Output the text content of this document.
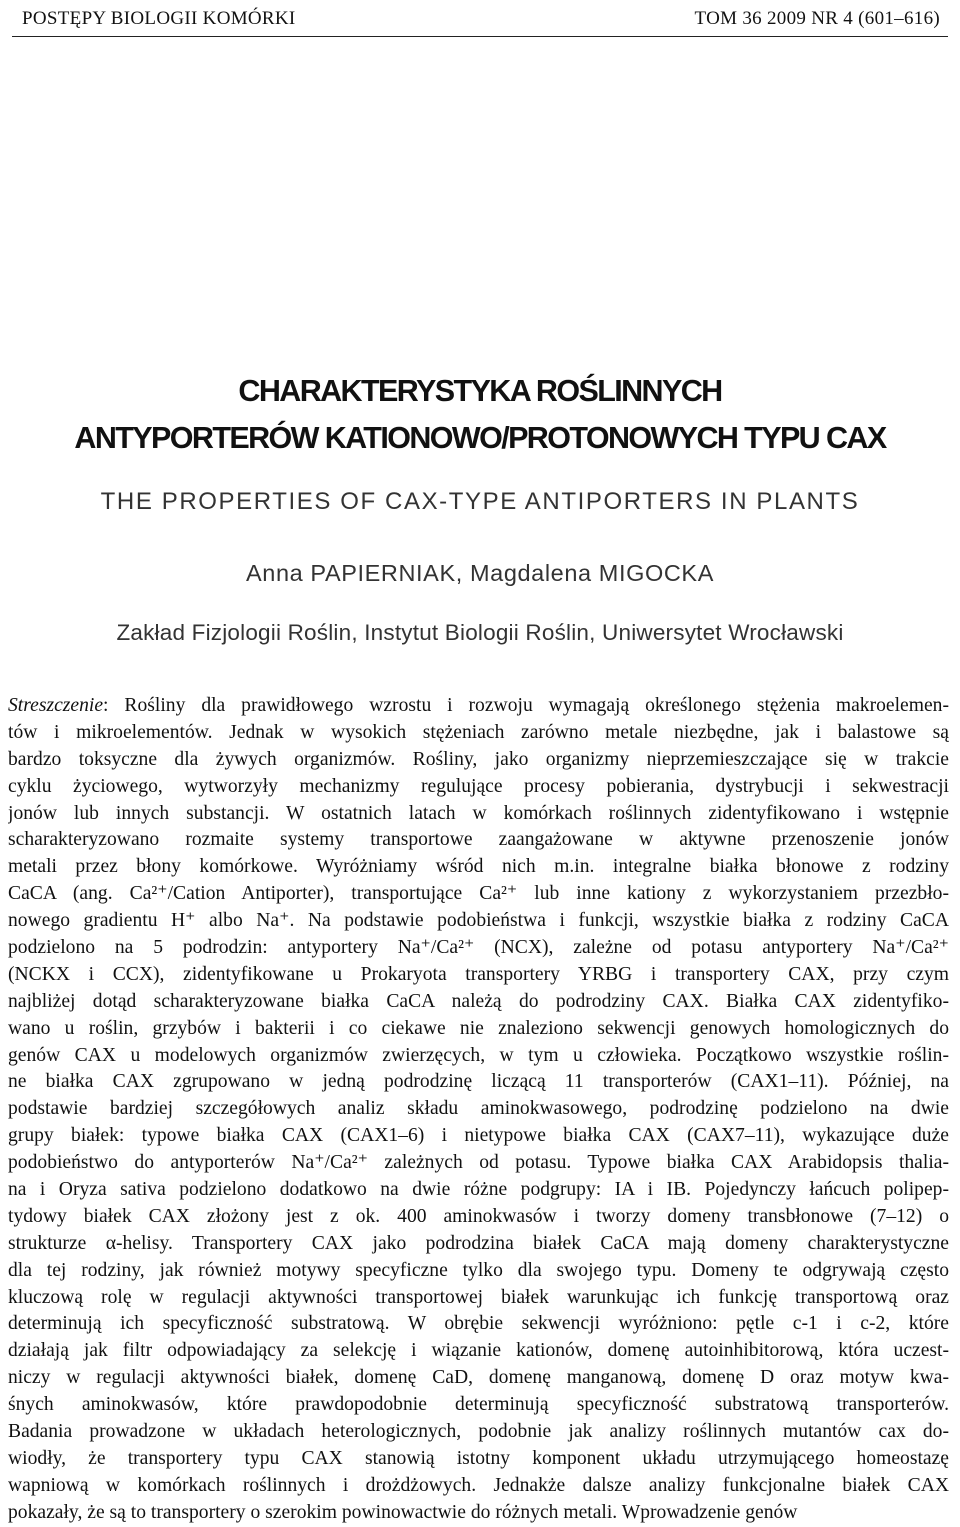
POSTĘPY BIOLOGII KOMÓRKI	TOM 36 2009 NR 4 (601–616)
CHARAKTERYSTYKA ROŚLINNYCH
ANTYPORTERÓW KATIONOWO/PROTONOWYCH TYPU CAX
THE PROPERTIES OF CAX-TYPE ANTIPORTERS IN PLANTS
Anna PAPIERNIAK, Magdalena MIGOCKA
Zakład Fizjologii Roślin, Instytut Biologii Roślin, Uniwersytet Wrocławski
Streszczenie: Rośliny dla prawidłowego wzrostu i rozwoju wymagają określonego stężenia makroelemen-
tów i mikroelementów. Jednak w wysokich stężeniach zarówno metale niezbędne, jak i balastowe są
bardzo toksyczne dla żywych organizmów. Rośliny, jako organizmy nieprzemieszczające się w trakcie
cyklu życiowego, wytworzyły mechanizmy regulujące procesy pobierania, dystrybucji i sekwestracji
jonów lub innych substancji. W ostatnich latach w komórkach roślinnych zidentyfikowano i wstępnie
scharakteryzowano rozmaite systemy transportowe zaangażowane w aktywne przenoszenie jonów
metali przez błony komórkowe. Wyróżniamy wśród nich m.in. integralne białka błonowe z rodziny
CaCA (ang. Ca²⁺/Cation Antiporter), transportujące Ca²⁺ lub inne kationy z wykorzystaniem przezbło-
nowego gradientu H⁺ albo Na⁺. Na podstawie podobieństwa i funkcji, wszystkie białka z rodziny CaCA
podzielono na 5 podrodzin: antyportery Na⁺/Ca²⁺ (NCX), zależne od potasu antyportery Na⁺/Ca²⁺
(NCKX i CCX), zidentyfikowane u Prokaryota transportery YRBG i transportery CAX, przy czym
najbliżej dotąd scharakteryzowane białka CaCA należą do podrodziny CAX. Białka CAX zidentyfiko-
wano u roślin, grzybów i bakterii i co ciekawe nie znaleziono sekwencji genowych homologicznych do
genów CAX u modelowych organizmów zwierzęcych, w tym u człowieka. Początkowo wszystkie roślin-
ne białka CAX zgrupowano w jedną podrodzinę liczącą 11 transporterów (CAX1–11). Później, na
podstawie bardziej szczegółowych analiz składu aminokwasowego, podrodzinę podzielono na dwie
grupy białek: typowe białka CAX (CAX1–6) i nietypowe białka CAX (CAX7–11), wykazujące duże
podobieństwo do antyporterów Na⁺/Ca²⁺ zależnych od potasu. Typowe białka CAX Arabidopsis thalia-
na i Oryza sativa podzielono dodatkowo na dwie różne podgrupy: IA i IB. Pojedynczy łańcuch polipep-
tydowy białek CAX złożony jest z ok. 400 aminokwasów i tworzy domeny transbłonowe (7–12) o
strukturze α-helisy. Transportery CAX jako podrodzina białek CaCA mają domeny charakterystyczne
dla tej rodziny, jak również motywy specyficzne tylko dla swojego typu. Domeny te odgrywają często
kluczową rolę w regulacji aktywności transportowej białek warunkując ich funkcję transportową oraz
determinują ich specyficzność substratową. W obrębie sekwencji wyróżniono: pętle c-1 i c-2, które
działają jak filtr odpowiadający za selekcję i wiązanie kationów, domenę autoinhibitorową, która uczest-
niczy w regulacji aktywności białek, domenę CaD, domenę manganową, domenę D oraz motyw kwa-
śnych aminokwasów, które prawdopodobnie determinują specyficzność substratową transporterów.
Badania prowadzone w układach heterologicznych, podobnie jak analizy roślinnych mutantów cax do-
wiodły, że transportery typu CAX stanowią istotny komponent układu utrzymującego homeostazę
wapniową w komórkach roślinnych i drożdżowych. Jednakże dalsze analizy funkcjonalne białek CAX
pokazały, że są to transportery o szerokim powinowactwie do różnych metali. Wprowadzenie genów
